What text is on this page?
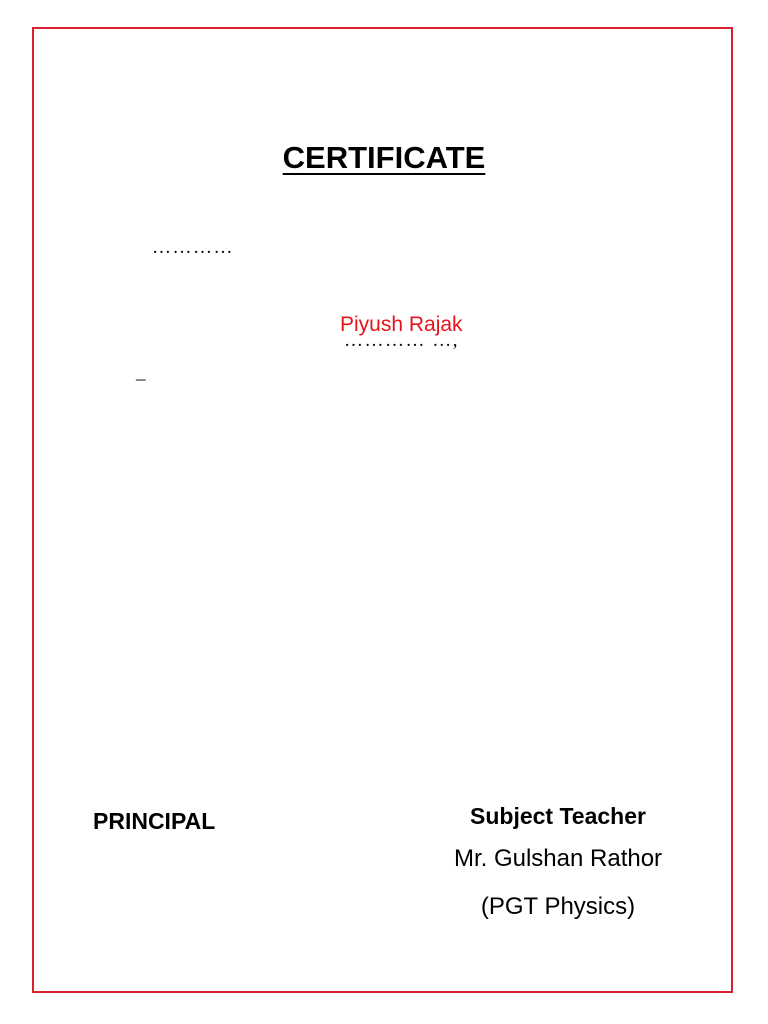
CERTIFICATE
…………
Piyush Rajak
………… …,
_
PRINCIPAL	Subject Teacher
Mr. Gulshan Rathor
(PGT Physics)
